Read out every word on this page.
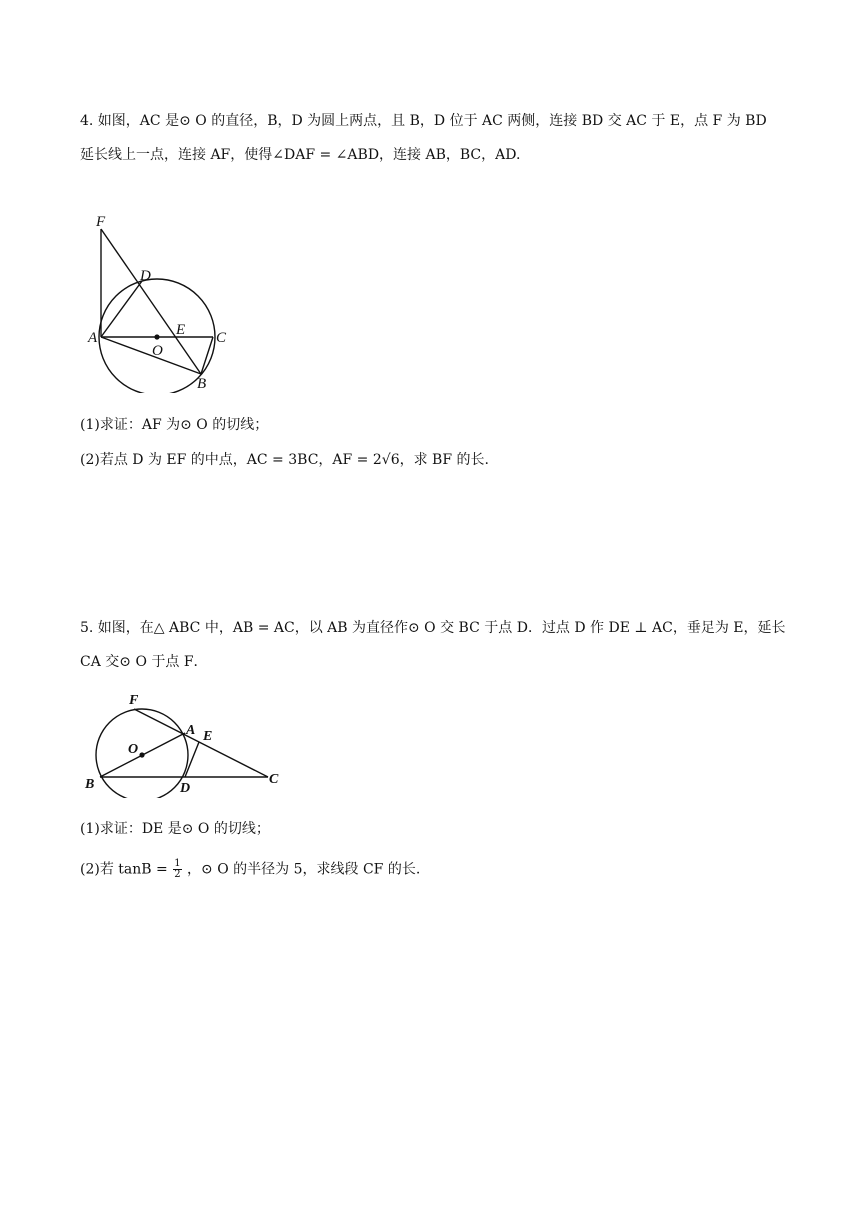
4. 如图，AC 是⊙ O 的直径，B，D 为圆上两点，且 B，D 位于 AC 两侧，连接 BD 交 AC 于 E，点 F 为 BD
延长线上一点，连接 AF，使得∠DAF = ∠ABD，连接 AB，BC，AD.
F
D
A	E C
O
B
(1)求证：AF 为⊙ O 的切线；
(2)若点 D 为 EF 的中点，AC = 3BC，AF = 2√6，求 BF 的长.
5. 如图，在△ ABC 中，AB = AC，以 AB 为直径作⊙ O 交 BC 于点 D．过点 D 作 DE ⊥ AC，垂足为 E，延长
CA 交⊙ O 于点 F．
F
A E
O
B	D
C
(1)求证：DE 是⊙ O 的切线；
(2)若 $\tan B = \frac{1}{2}$ ，⊙ O 的半径为 5，求线段 CF 的长.
